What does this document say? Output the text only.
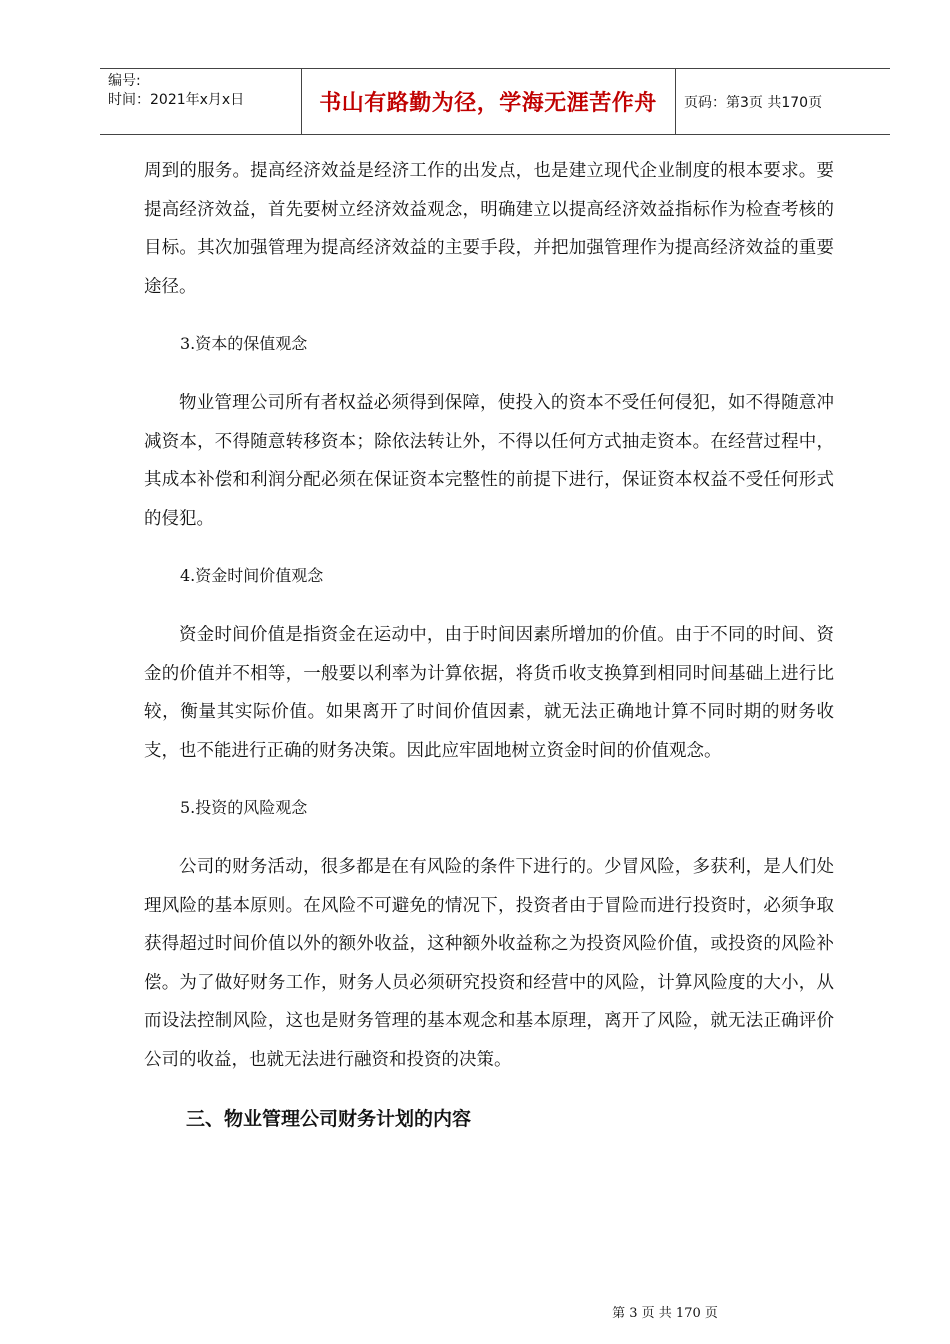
编号:
时间：2021年x月x日	书山有路勤为径，学海无涯苦作舟	页码：第3页 共170页

周到的服务。提高经济效益是经济工作的出发点，也是建立现代企业制度的根本要求。要提高经济效益，首先要树立经济效益观念，明确建立以提高经济效益指标作为检查考核的目标。其次加强管理为提高经济效益的主要手段，并把加强管理作为提高经济效益的重要途径。

3.资本的保值观念

物业管理公司所有者权益必须得到保障，使投入的资本不受任何侵犯，如不得随意冲减资本，不得随意转移资本；除依法转让外，不得以任何方式抽走资本。在经营过程中，其成本补偿和利润分配必须在保证资本完整性的前提下进行，保证资本权益不受任何形式的侵犯。

4.资金时间价值观念

资金时间价值是指资金在运动中，由于时间因素所增加的价值。由于不同的时间、资金的价值并不相等，一般要以利率为计算依据，将货币收支换算到相同时间基础上进行比较，衡量其实际价值。如果离开了时间价值因素，就无法正确地计算不同时期的财务收支，也不能进行正确的财务决策。因此应牢固地树立资金时间的价值观念。

5.投资的风险观念

公司的财务活动，很多都是在有风险的条件下进行的。少冒风险，多获利，是人们处理风险的基本原则。在风险不可避免的情况下，投资者由于冒险而进行投资时，必须争取获得超过时间价值以外的额外收益，这种额外收益称之为投资风险价值，或投资的风险补偿。为了做好财务工作，财务人员必须研究投资和经营中的风险，计算风险度的大小，从而设法控制风险，这也是财务管理的基本观念和基本原理，离开了风险，就无法正确评价公司的收益，也就无法进行融资和投资的决策。

三、物业管理公司财务计划的内容
第 3 页 共 170 页
